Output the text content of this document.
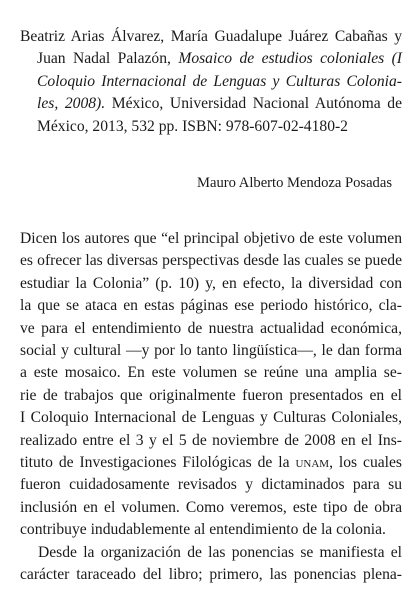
Beatriz Arias Álvarez, María Guadalupe Juárez Cabañas y
Juan Nadal Palazón, Mosaico de estudios coloniales (I
Coloquio Internacional de Lenguas y Culturas Colonia-
les, 2008). México, Universidad Nacional Autónoma de
México, 2013, 532 pp. ISBN: 978-607-02-4180-2
Mauro Alberto Mendoza Posadas
Dicen los autores que “el principal objetivo de este volumen
es ofrecer las diversas perspectivas desde las cuales se puede
estudiar la Colonia” (p. 10) y, en efecto, la diversidad con
la que se ataca en estas páginas ese periodo histórico, cla-
ve para el entendimiento de nuestra actualidad económica,
social y cultural —y por lo tanto lingüística—, le dan forma
a este mosaico. En este volumen se reúne una amplia se-
rie de trabajos que originalmente fueron presentados en el
I Coloquio Internacional de Lenguas y Culturas Coloniales,
realizado entre el 3 y el 5 de noviembre de 2008 en el Ins-
tituto de Investigaciones Filológicas de la unam, los cuales
fueron cuidadosamente revisados y dictaminados para su
inclusión en el volumen. Como veremos, este tipo de obra
contribuye indudablemente al entendimiento de la colonia.
Desde la organización de las ponencias se manifiesta el
carácter taraceado del libro; primero, las ponencias plena-
